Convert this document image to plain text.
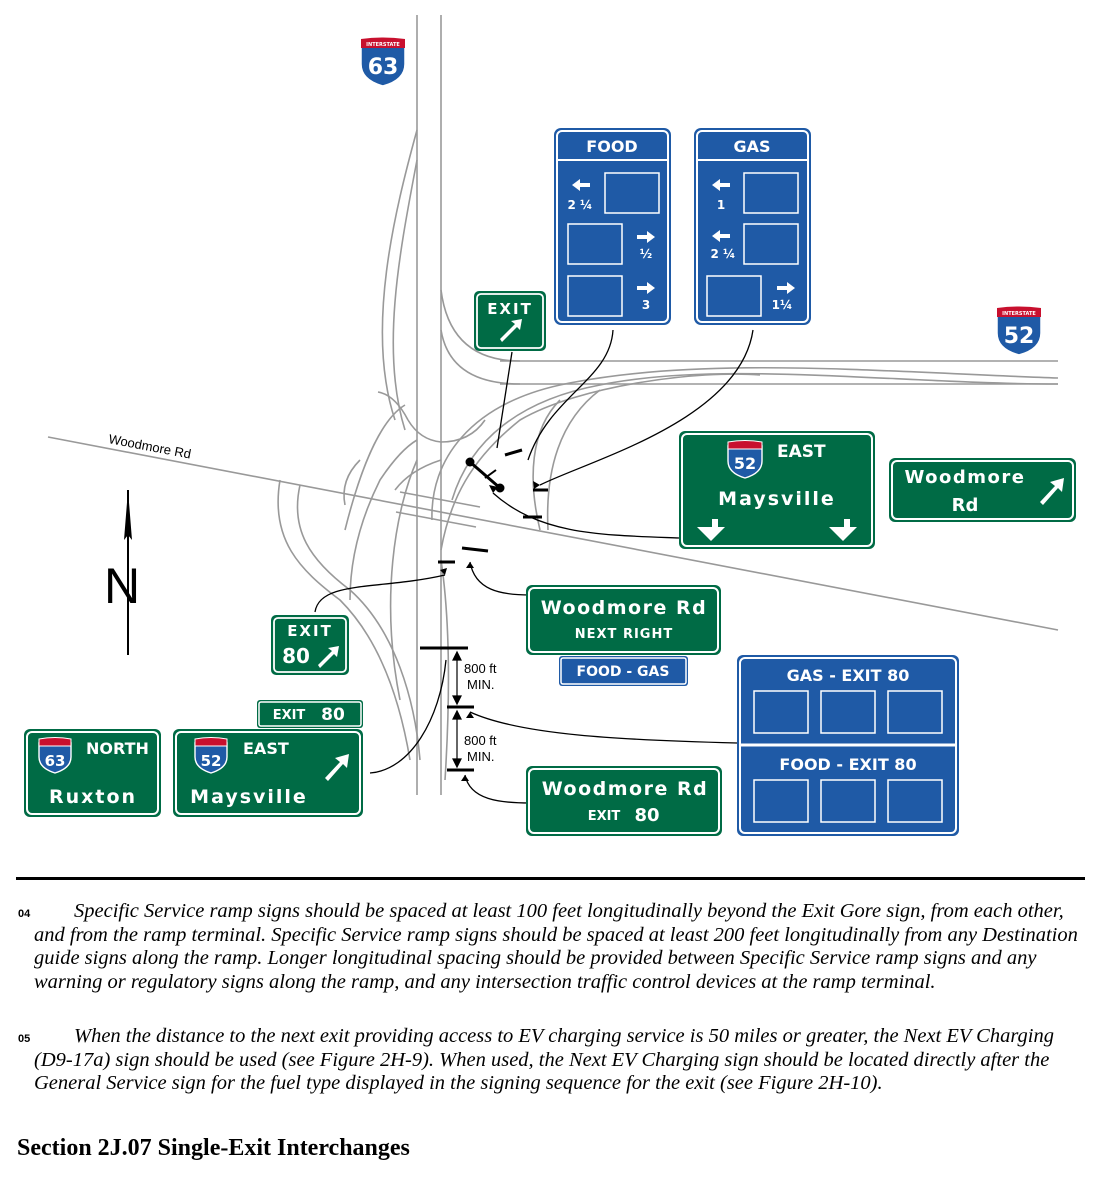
Woodmore Rd
N
INTERSTATE
63
INTERSTATE
52
800 ft
MIN.
800 ft
MIN.
FOOD
2 ¼
½
3
GAS
1
2 ¼
1¼
EXIT
52
EAST
Maysville
Woodmore
Rd
Woodmore Rd
NEXT RIGHT
FOOD - GAS
EXIT
80
EXIT 80
63
NORTH
Ruxton
52
EAST
Maysville
GAS - EXIT 80
FOOD - EXIT 80
Woodmore Rd
EXIT 80
04	Specific Service ramp signs should be spaced at least 100 feet longitudinally beyond the Exit Gore sign, from each other, and from the ramp terminal. Specific Service ramp signs should be spaced at least 200 feet longitudinally from any Destination guide signs along the ramp. Longer longitudinal spacing should be provided between Specific Service ramp signs and any warning or regulatory signs along the ramp, and any intersection traffic control devices at the ramp terminal.
05	When the distance to the next exit providing access to EV charging service is 50 miles or greater, the Next EV Charging (D9-17a) sign should be used (see Figure 2H-9). When used, the Next EV Charging sign should be located directly after the General Service sign for the fuel type displayed in the signing sequence for the exit (see Figure 2H-10).
Section 2J.07 Single-Exit Interchanges
